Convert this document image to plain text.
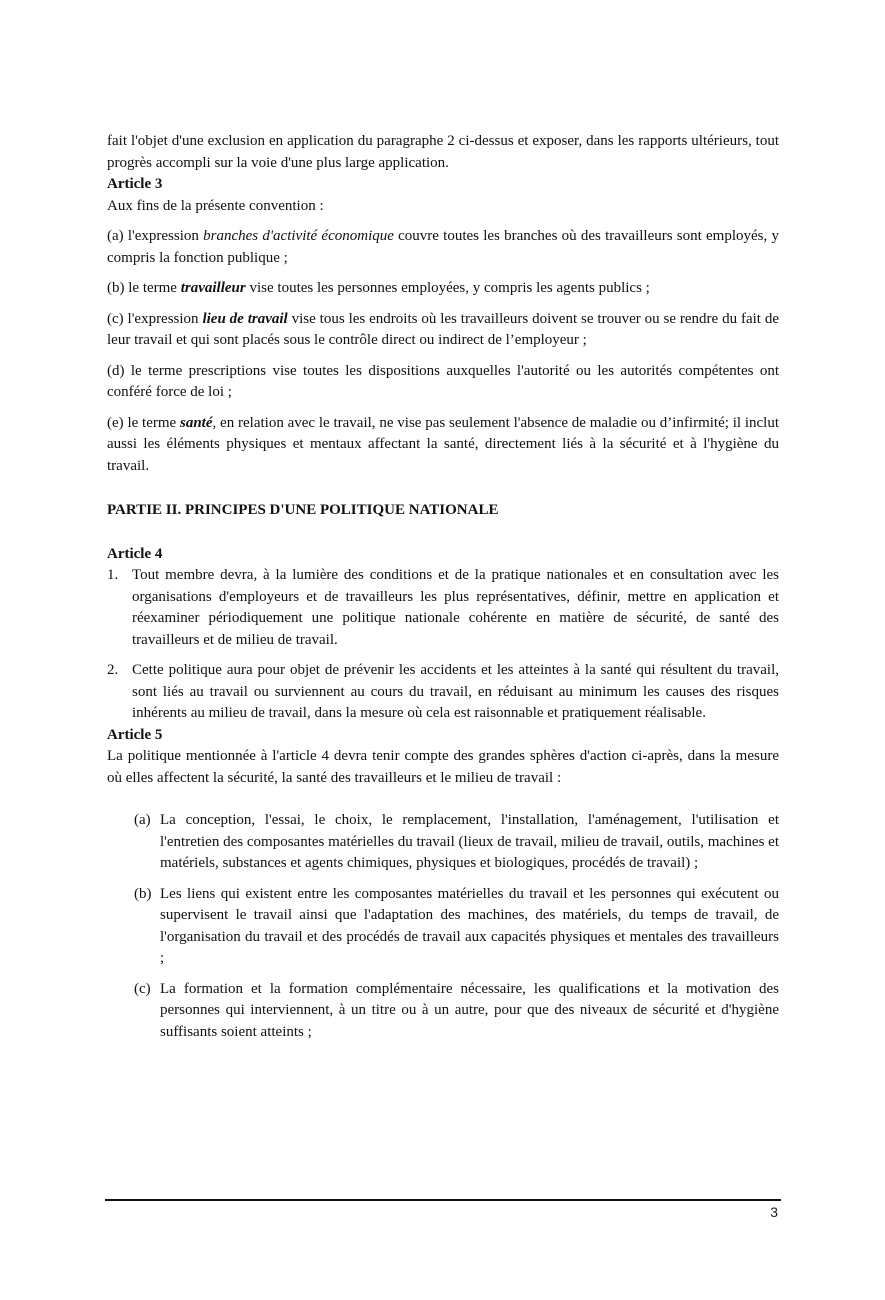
fait l'objet d'une exclusion en application du paragraphe 2 ci-dessus et exposer, dans les rapports ultérieurs, tout progrès accompli sur la voie d'une plus large application.

Article 3

Aux fins de la présente convention :

(a) l'expression branches d'activité économique couvre toutes les branches où des travailleurs sont employés, y compris la fonction publique ;

(b) le terme travailleur vise toutes les personnes employées, y compris les agents publics ;

(c) l'expression lieu de travail vise tous les endroits où les travailleurs doivent se trouver ou se rendre du fait de leur travail et qui sont placés sous le contrôle direct ou indirect de l’employeur ;

(d) le terme prescriptions vise toutes les dispositions auxquelles l'autorité ou les autorités compétentes ont conféré force de loi ;

(e) le terme santé, en relation avec le travail, ne vise pas seulement l'absence de maladie ou d’infirmité; il inclut aussi les éléments physiques et mentaux affectant la santé, directement liés à la sécurité et à l'hygiène du travail.

PARTIE II. PRINCIPES D'UNE POLITIQUE NATIONALE

Article 4

1. Tout membre devra, à la lumière des conditions et de la pratique nationales et en consultation avec les organisations d'employeurs et de travailleurs les plus représentatives, définir, mettre en application et réexaminer périodiquement une politique nationale cohérente en matière de sécurité, de santé des travailleurs et de milieu de travail.
2. Cette politique aura pour objet de prévenir les accidents et les atteintes à la santé qui résultent du travail, sont liés au travail ou surviennent au cours du travail, en réduisant au minimum les causes des risques inhérents au milieu de travail, dans la mesure où cela est raisonnable et pratiquement réalisable.

Article 5

La politique mentionnée à l'article 4 devra tenir compte des grandes sphères d'action ci-après, dans la mesure où elles affectent la sécurité, la santé des travailleurs et le milieu de travail :

(a) La conception, l'essai, le choix, le remplacement, l'installation, l'aménagement, l'utilisation et l'entretien des composantes matérielles du travail (lieux de travail, milieu de travail, outils, machines et matériels, substances et agents chimiques, physiques et biologiques, procédés de travail) ;
(b) Les liens qui existent entre les composantes matérielles du travail et les personnes qui exécutent ou supervisent le travail ainsi que l'adaptation des machines, des matériels, du temps de travail, de l'organisation du travail et des procédés de travail aux capacités physiques et mentales des travailleurs ;
(c) La formation et la formation complémentaire nécessaire, les qualifications et la motivation des personnes qui interviennent, à un titre ou à un autre, pour que des niveaux de sécurité et d'hygiène suffisants soient atteints ;
3
